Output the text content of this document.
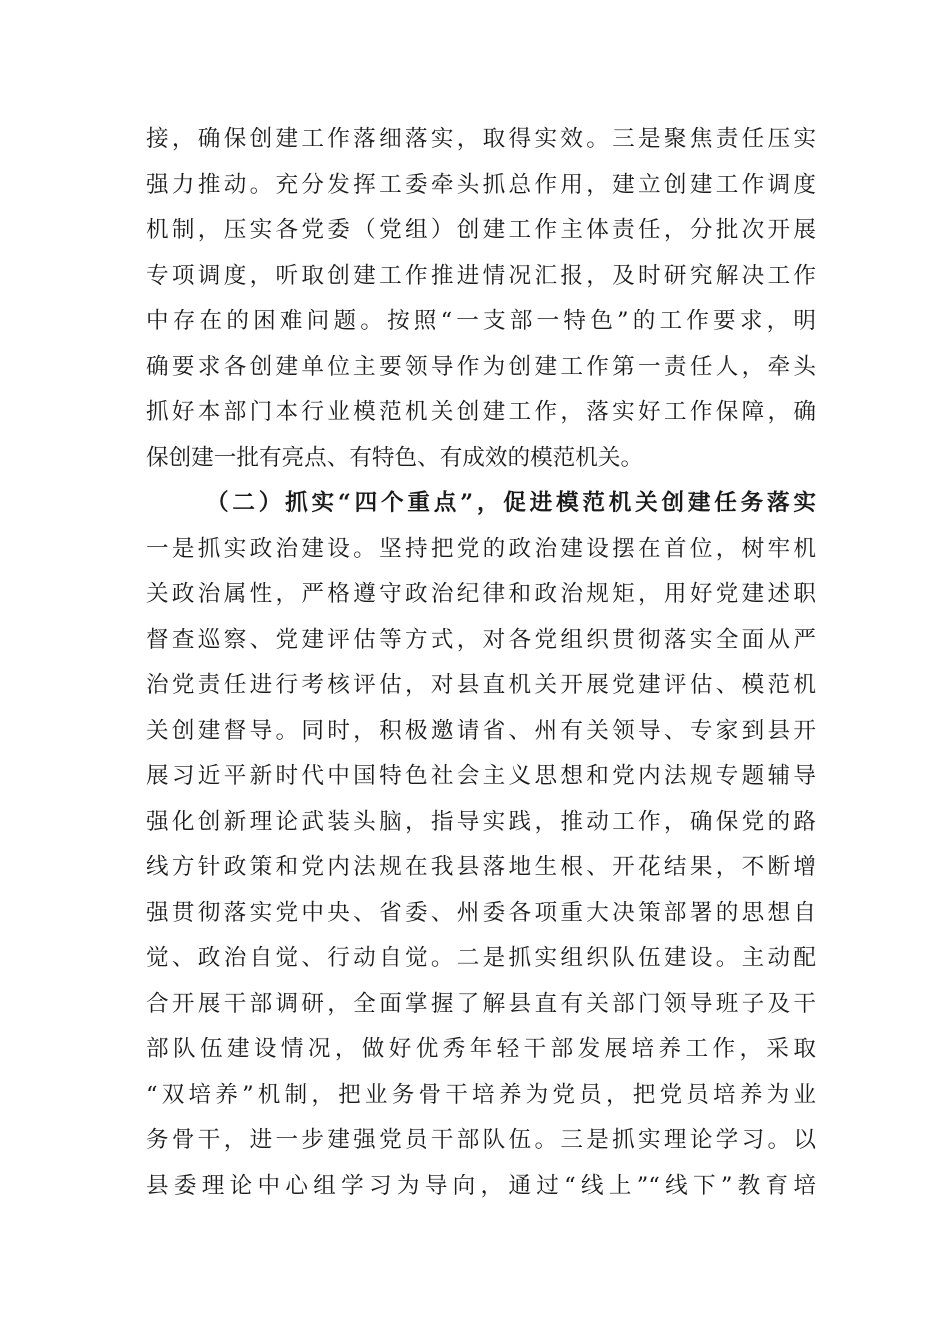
接，确保创建工作落细落实，取得实效。三是聚焦责任压实
强力推动。充分发挥工委牵头抓总作用，建立创建工作调度
机制，压实各党委（党组）创建工作主体责任，分批次开展
专项调度，听取创建工作推进情况汇报，及时研究解决工作
中存在的困难问题。按照“一支部一特色”的工作要求，明
确要求各创建单位主要领导作为创建工作第一责任人，牵头
抓好本部门本行业模范机关创建工作，落实好工作保障，确
保创建一批有亮点、有特色、有成效的模范机关。
（二）抓实“四个重点”，促进模范机关创建任务落实
一是抓实政治建设。坚持把党的政治建设摆在首位，树牢机
关政治属性，严格遵守政治纪律和政治规矩，用好党建述职
督查巡察、党建评估等方式，对各党组织贯彻落实全面从严
治党责任进行考核评估，对县直机关开展党建评估、模范机
关创建督导。同时，积极邀请省、州有关领导、专家到县开
展习近平新时代中国特色社会主义思想和党内法规专题辅导
强化创新理论武装头脑，指导实践，推动工作，确保党的路
线方针政策和党内法规在我县落地生根、开花结果，不断增
强贯彻落实党中央、省委、州委各项重大决策部署的思想自
觉、政治自觉、行动自觉。二是抓实组织队伍建设。主动配
合开展干部调研，全面掌握了解县直有关部门领导班子及干
部队伍建设情况，做好优秀年轻干部发展培养工作，采取
“双培养”机制，把业务骨干培养为党员，把党员培养为业
务骨干，进一步建强党员干部队伍。三是抓实理论学习。以
县委理论中心组学习为导向，通过“线上”“线下”教育培
